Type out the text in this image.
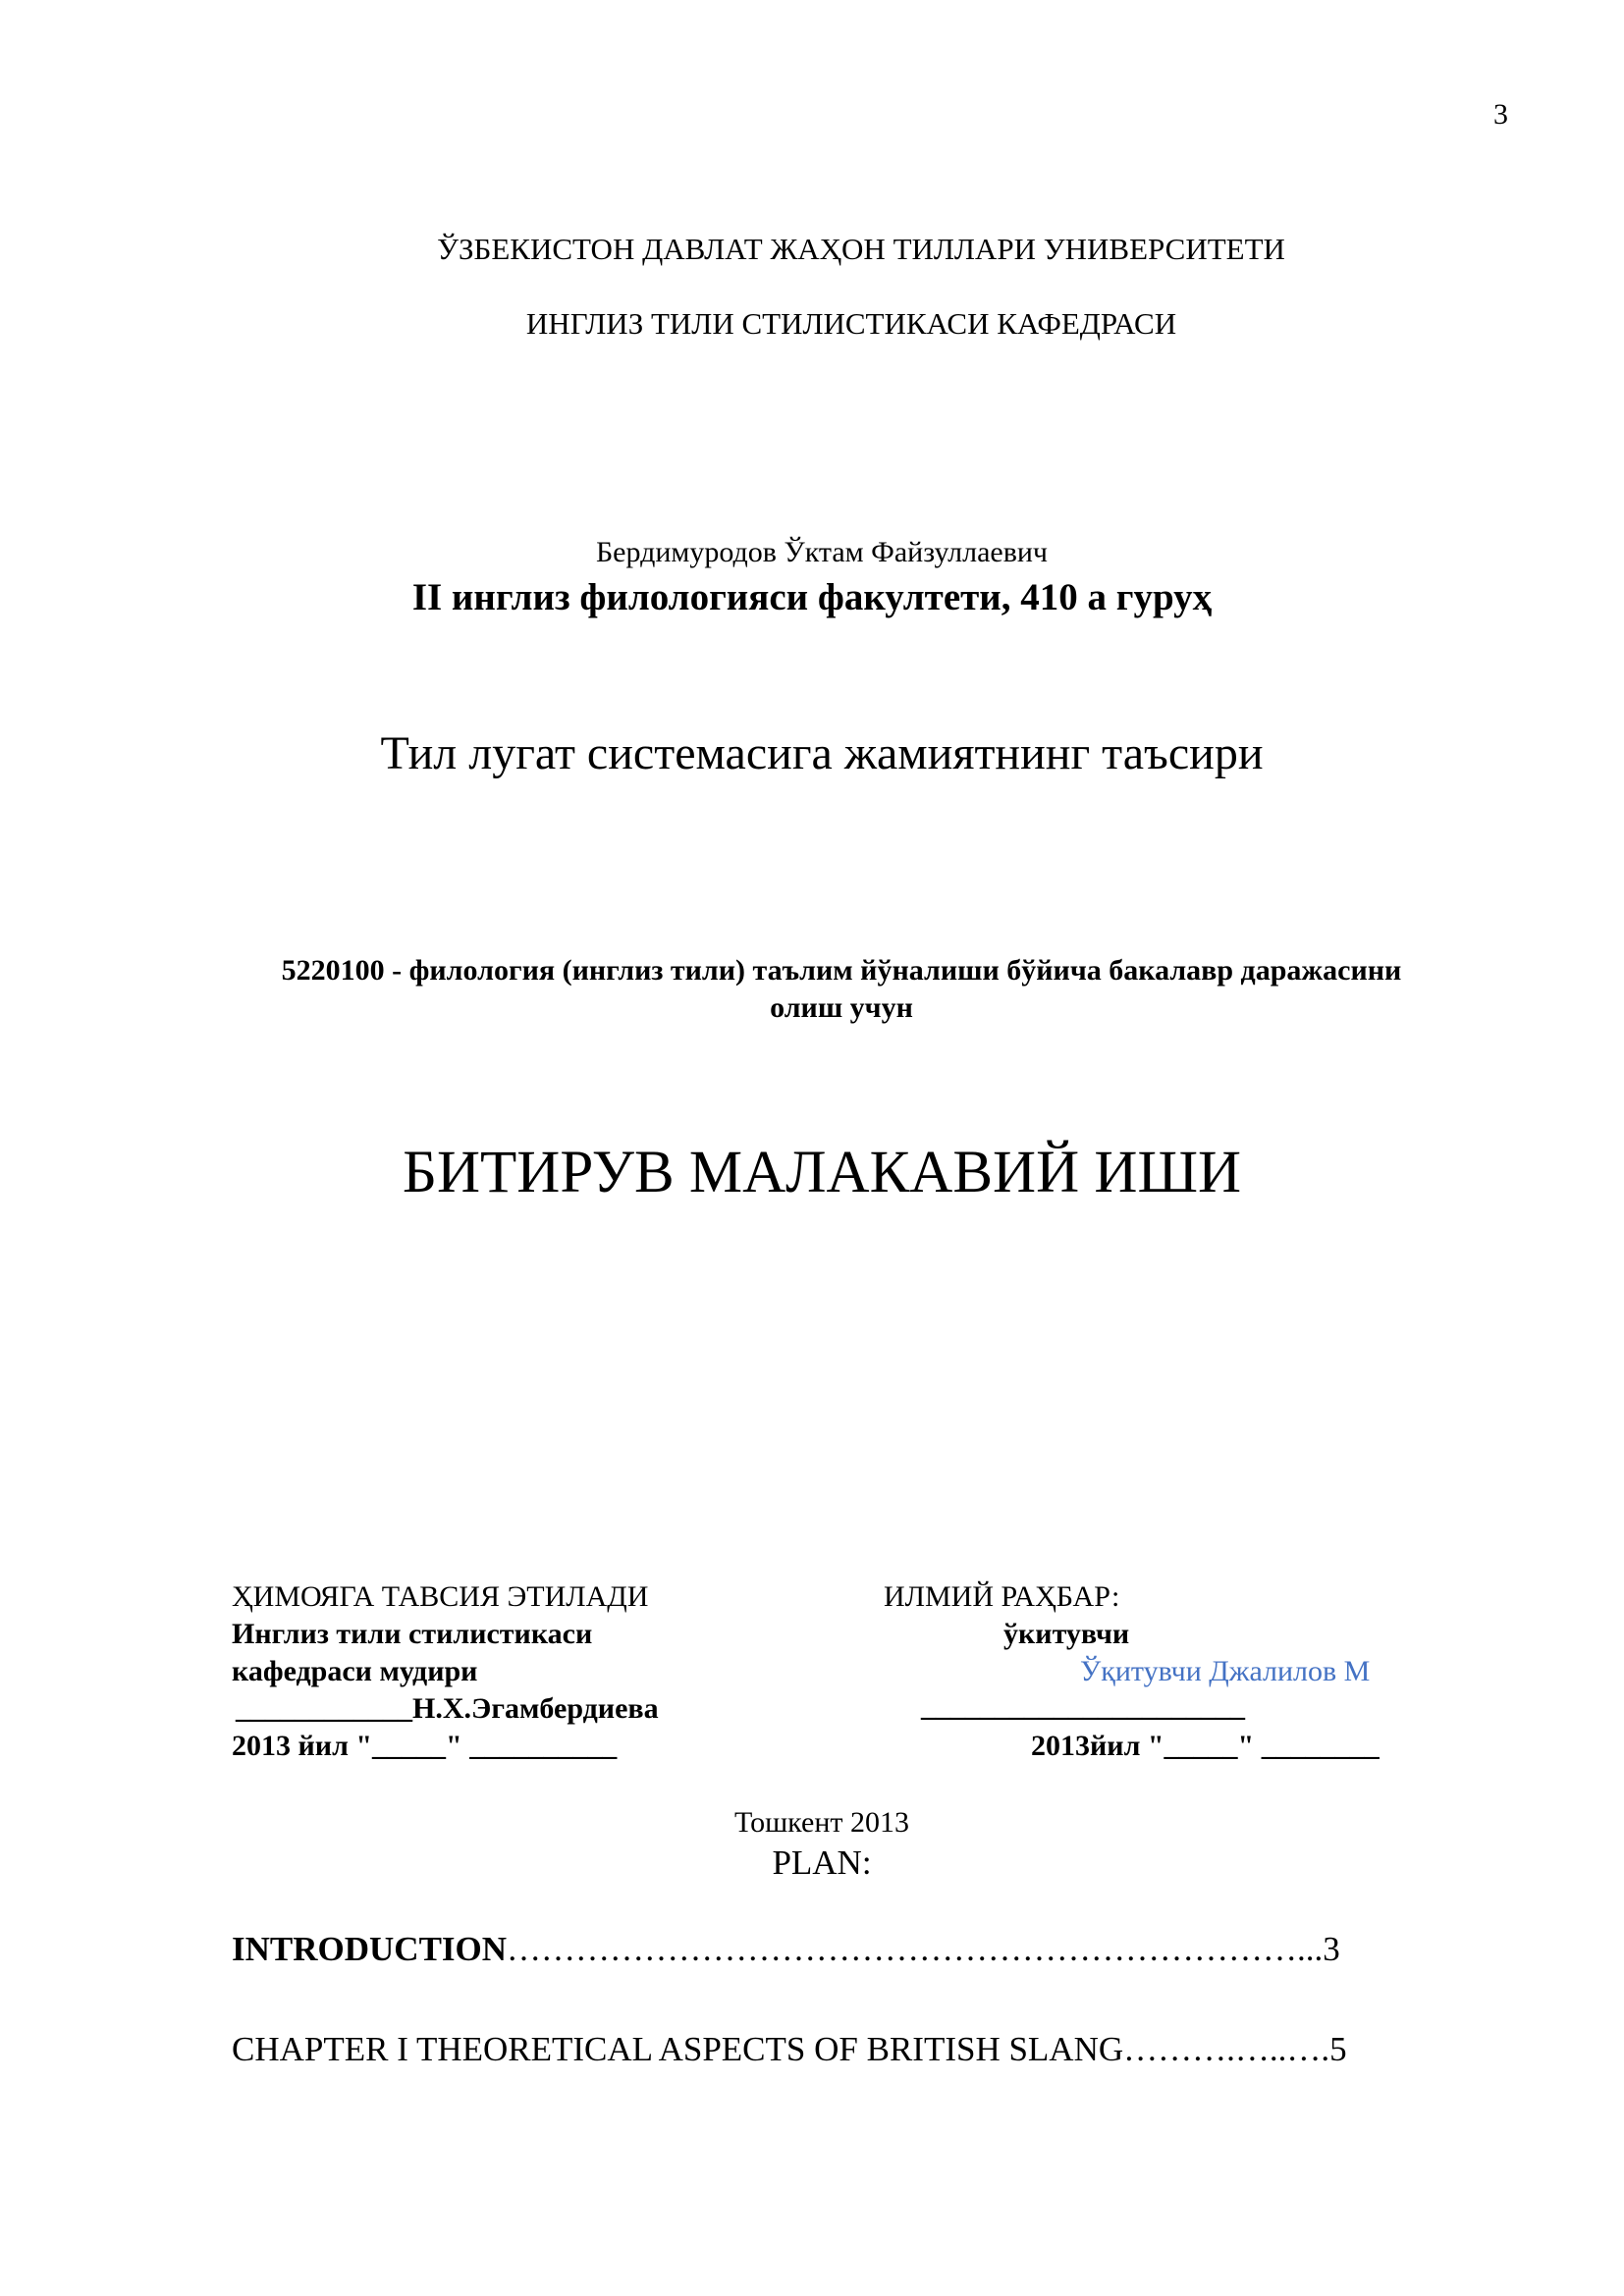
3
ЎЗБЕКИСТОН ДАВЛАТ ЖАҲОН ТИЛЛАРИ УНИВЕРСИТЕТИ
ИНГЛИЗ ТИЛИ СТИЛИСТИКАСИ КАФЕДРАСИ
Бердимуродов Ўктам Файзуллаевич
II инглиз филологияси факултети, 410 а гуруҳ
Тил лугат системасига жамиятнинг таъсири
5220100 - филология (инглиз тили) таълим йўналиши бўйича бакалавр даражасини
олиш учун
БИТИРУВ МАЛАКАВИЙ ИШИ
ҲИМОЯГА ТАВСИЯ ЭТИЛАДИ
Инглиз тили стилистикаси
кафедраси мудири
____________Н.Х.Эгамбердиева
2013 йил "_____" __________
ИЛМИЙ РАҲБАР:
ўкитувчи
Ўқитувчи Джалилов М
______________________
2013йил "_____" ________
Тошкент 2013
PLAN:
INTRODUCTION……………………………………………………………...3
CHAPTER I THEORETICAL ASPECTS OF BRITISH SLANG……….…..….5
